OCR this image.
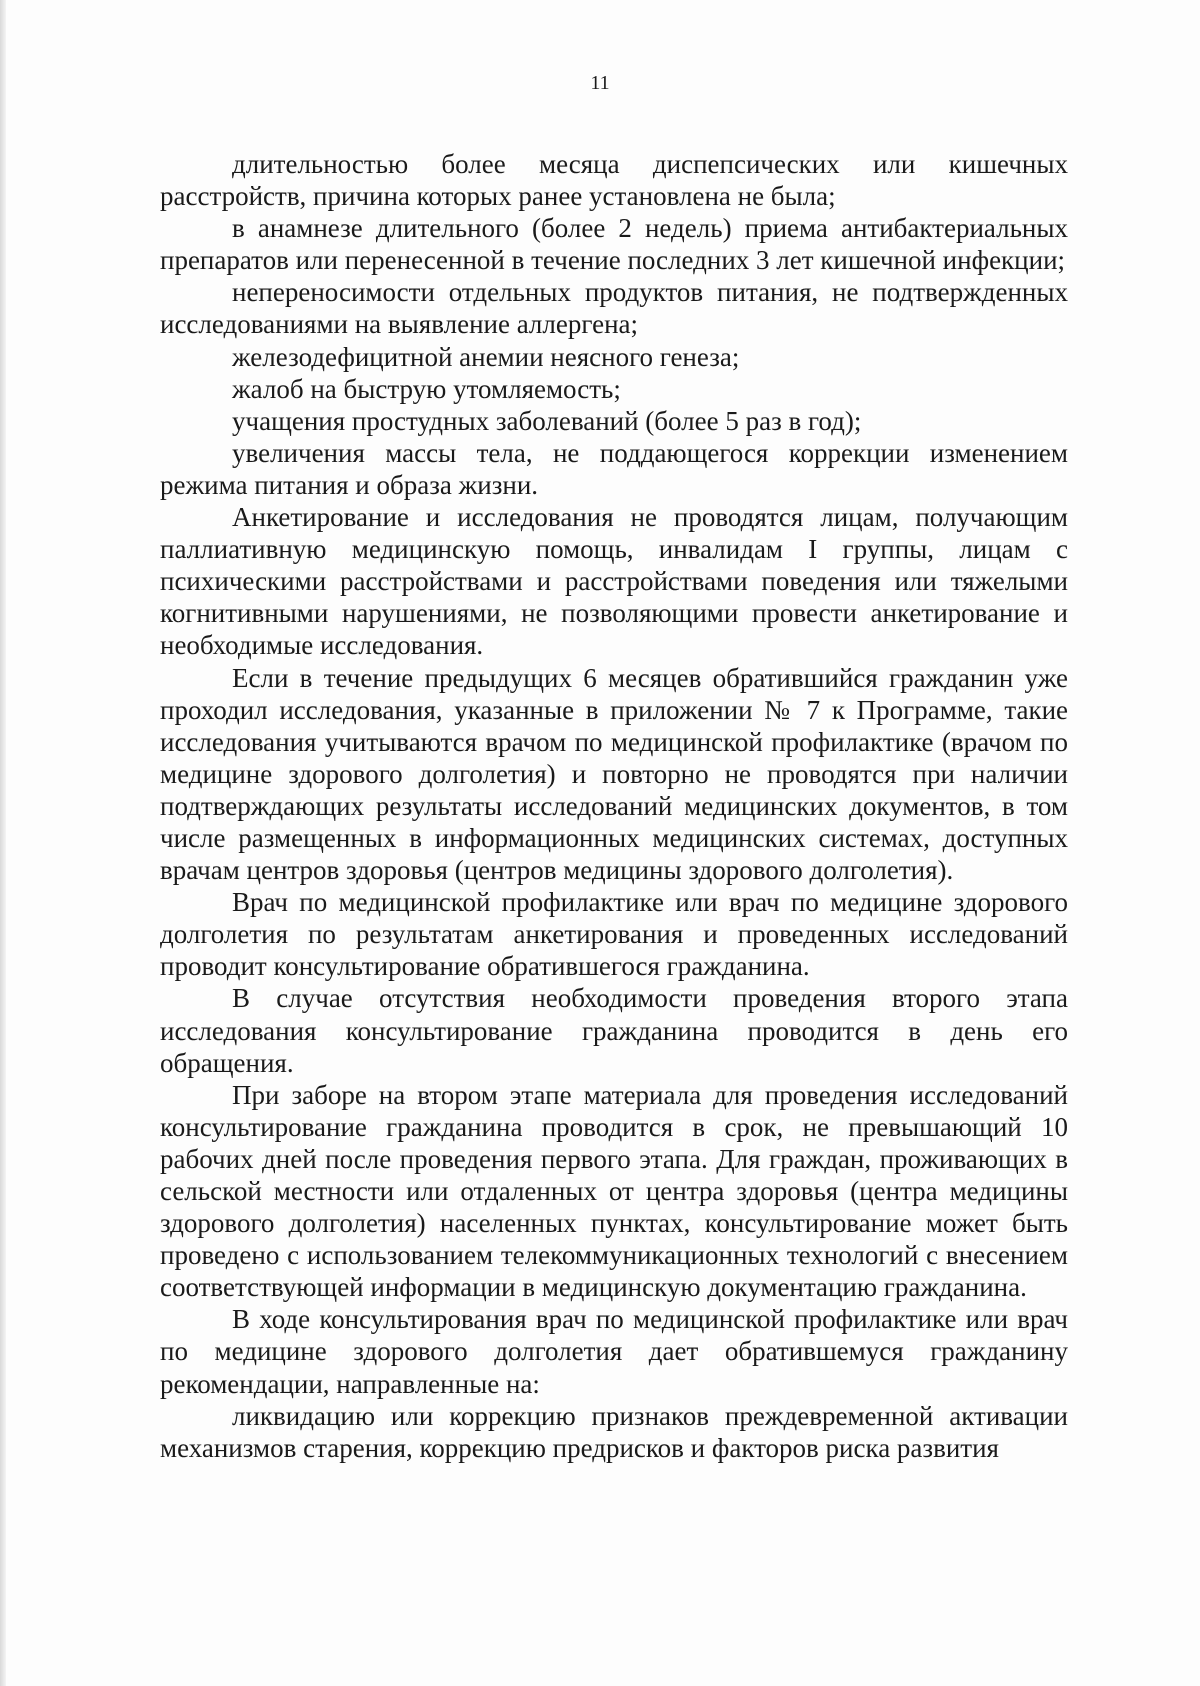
11

длительностью более месяца диспепсических или кишечных расстройств, причина которых ранее установлена не была;

в анамнезе длительного (более 2 недель) приема антибактериальных препаратов или перенесенной в течение последних 3 лет кишечной инфекции;

непереносимости отдельных продуктов питания, не подтвержденных исследованиями на выявление аллергена;

железодефицитной анемии неясного генеза;

жалоб на быструю утомляемость;

учащения простудных заболеваний (более 5 раз в год);

увеличения массы тела, не поддающегося коррекции изменением режима питания и образа жизни.

Анкетирование и исследования не проводятся лицам, получающим паллиативную медицинскую помощь, инвалидам I группы, лицам с психическими расстройствами и расстройствами поведения или тяжелыми когнитивными нарушениями, не позволяющими провести анкетирование и необходимые исследования.

Если в течение предыдущих 6 месяцев обратившийся гражданин уже проходил исследования, указанные в приложении № 7 к Программе, такие исследования учитываются врачом по медицинской профилактике (врачом по медицине здорового долголетия) и повторно не проводятся при наличии подтверждающих результаты исследований медицинских документов, в том числе размещенных в информационных медицинских системах, доступных врачам центров здоровья (центров медицины здорового долголетия).

Врач по медицинской профилактике или врач по медицине здорового долголетия по результатам анкетирования и проведенных исследований проводит консультирование обратившегося гражданина.

В случае отсутствия необходимости проведения второго этапа исследования консультирование гражданина проводится в день его обращения.

При заборе на втором этапе материала для проведения исследований консультирование гражданина проводится в срок, не превышающий 10 рабочих дней после проведения первого этапа. Для граждан, проживающих в сельской местности или отдаленных от центра здоровья (центра медицины здорового долголетия) населенных пунктах, консультирование может быть проведено с использованием телекоммуникационных технологий с внесением соответствующей информации в медицинскую документацию гражданина.

В ходе консультирования врач по медицинской профилактике или врач по медицине здорового долголетия дает обратившемуся гражданину рекомендации, направленные на:

ликвидацию или коррекцию признаков преждевременной активации механизмов старения, коррекцию предрисков и факторов риска развития
